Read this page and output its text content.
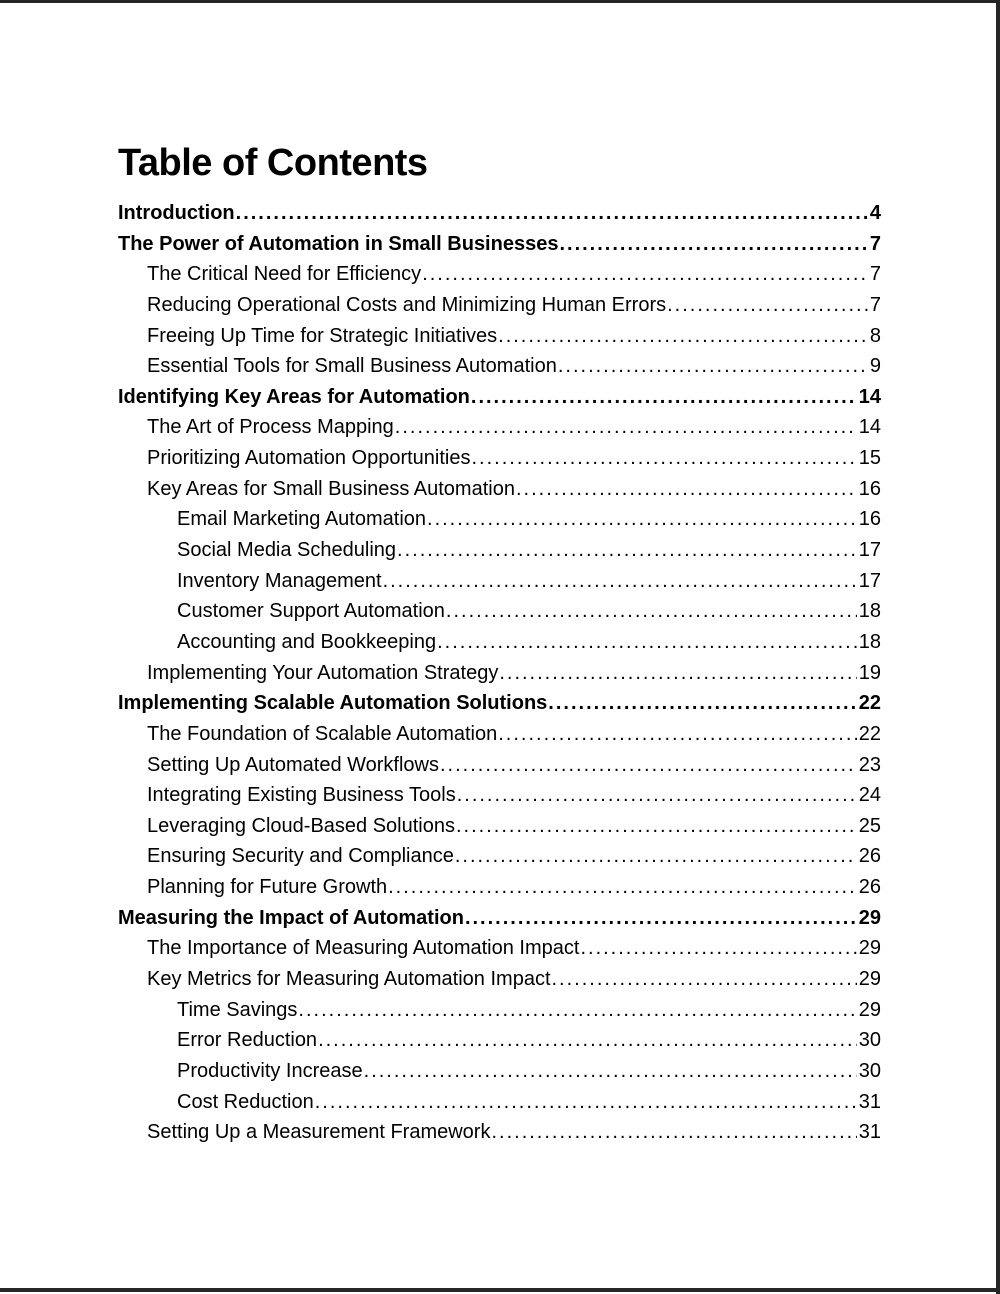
Table of Contents
Introduction .....	4
The Power of Automation in Small Businesses .....	7
The Critical Need for Efficiency .....	7
Reducing Operational Costs and Minimizing Human Errors .....	7
Freeing Up Time for Strategic Initiatives .....	8
Essential Tools for Small Business Automation .....	9
Identifying Key Areas for Automation .....	14
The Art of Process Mapping .....	14
Prioritizing Automation Opportunities .....	15
Key Areas for Small Business Automation .....	16
Email Marketing Automation .....	16
Social Media Scheduling .....	17
Inventory Management .....	17
Customer Support Automation .....	18
Accounting and Bookkeeping .....	18
Implementing Your Automation Strategy .....	19
Implementing Scalable Automation Solutions .....	22
The Foundation of Scalable Automation .....	22
Setting Up Automated Workflows .....	23
Integrating Existing Business Tools .....	24
Leveraging Cloud-Based Solutions .....	25
Ensuring Security and Compliance .....	26
Planning for Future Growth .....	26
Measuring the Impact of Automation .....	29
The Importance of Measuring Automation Impact .....	29
Key Metrics for Measuring Automation Impact .....	29
Time Savings .....	29
Error Reduction .....	30
Productivity Increase .....	30
Cost Reduction .....	31
Setting Up a Measurement Framework .....	31
